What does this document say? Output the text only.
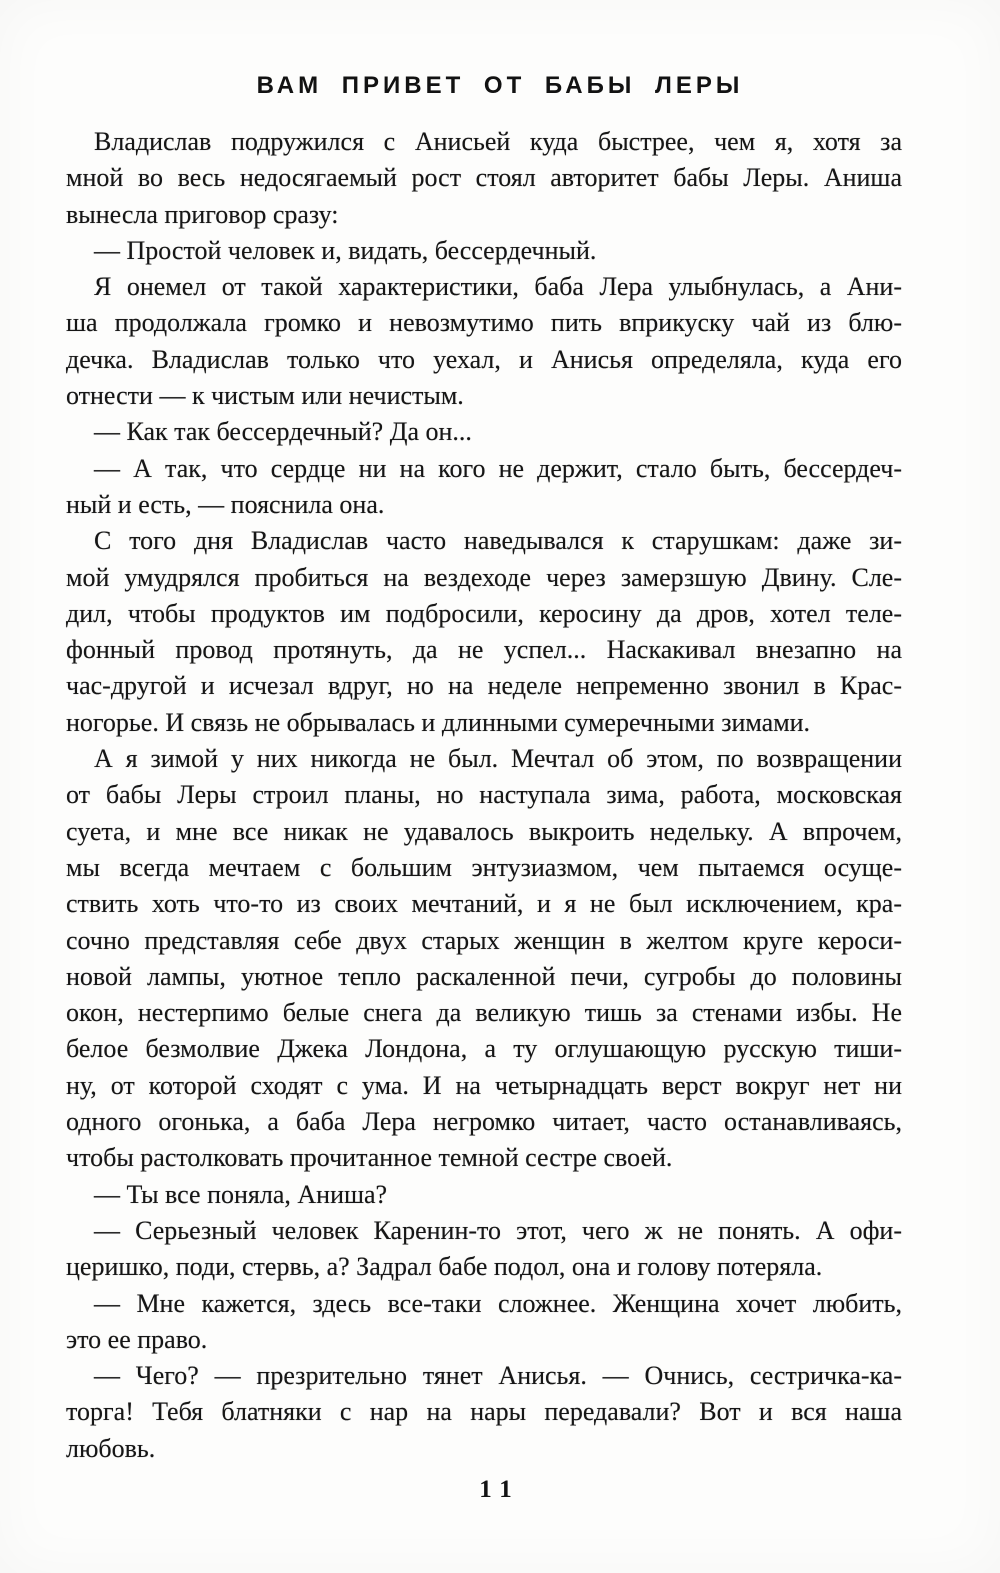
ВАМ ПРИВЕТ ОТ БАБЫ ЛЕРЫ
Владислав подружился с Анисьей куда быстрее, чем я, хотя за
мной во весь недосягаемый рост стоял авторитет бабы Леры. Аниша
вынесла приговор сразу:
— Простой человек и, видать, бессердечный.
Я онемел от такой характеристики, баба Лера улыбнулась, а Ани-
ша продолжала громко и невозмутимо пить вприкуску чай из блю-
дечка. Владислав только что уехал, и Анисья определяла, куда его
отнести — к чистым или нечистым.
— Как так бессердечный? Да он...
— А так, что сердце ни на кого не держит, стало быть, бессердеч-
ный и есть, — пояснила она.
С того дня Владислав часто наведывался к старушкам: даже зи-
мой умудрялся пробиться на вездеходе через замерзшую Двину. Сле-
дил, чтобы продуктов им подбросили, керосину да дров, хотел теле-
фонный провод протянуть, да не успел... Наскакивал внезапно на
час-другой и исчезал вдруг, но на неделе непременно звонил в Крас-
ногорье. И связь не обрывалась и длинными сумеречными зимами.
А я зимой у них никогда не был. Мечтал об этом, по возвращении
от бабы Леры строил планы, но наступала зима, работа, московская
суета, и мне все никак не удавалось выкроить недельку. А впрочем,
мы всегда мечтаем с большим энтузиазмом, чем пытаемся осуще-
ствить хоть что-то из своих мечтаний, и я не был исключением, кра-
сочно представляя себе двух старых женщин в желтом круге кероси-
новой лампы, уютное тепло раскаленной печи, сугробы до половины
окон, нестерпимо белые снега да великую тишь за стенами избы. Не
белое безмолвие Джека Лондона, а ту оглушающую русскую тиши-
ну, от которой сходят с ума. И на четырнадцать верст вокруг нет ни
одного огонька, а баба Лера негромко читает, часто останавливаясь,
чтобы растолковать прочитанное темной сестре своей.
— Ты все поняла, Аниша?
— Серьезный человек Каренин-то этот, чего ж не понять. А офи-
церишко, поди, стервь, а? Задрал бабе подол, она и голову потеряла.
— Мне кажется, здесь все-таки сложнее. Женщина хочет любить,
это ее право.
— Чего? — презрительно тянет Анисья. — Очнись, сестричка-ка-
торга! Тебя блатняки с нар на нары передавали? Вот и вся наша
любовь.
11
